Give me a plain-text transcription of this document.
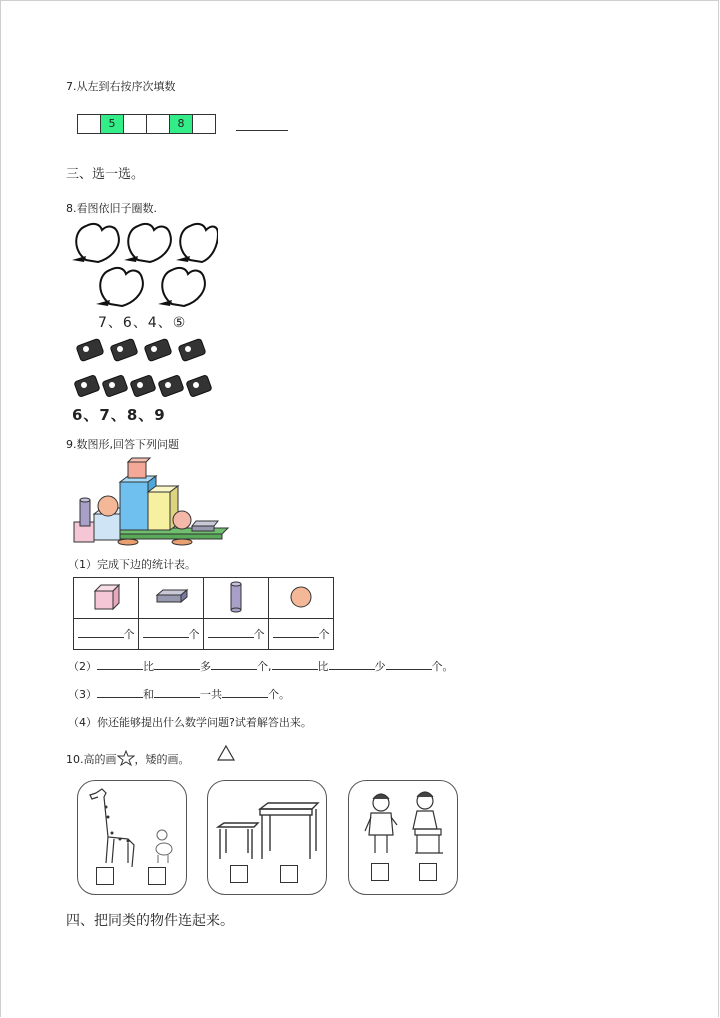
7.从左到右按序次填数
5	8
三、选一选。
8.看图依旧子圈数.
7、6、4、⑤
6、7、8、9
9.数图形,回答下列问题
（1）完成下边的统计表。

个	个	个	个
（2）	比	多	个,	比	少	个。
（3）	和	一共	个。
（4）你还能够提出什么数学问题?试着解答出来。
10.高的画 ，矮的画。
四、把同类的物件连起来。
